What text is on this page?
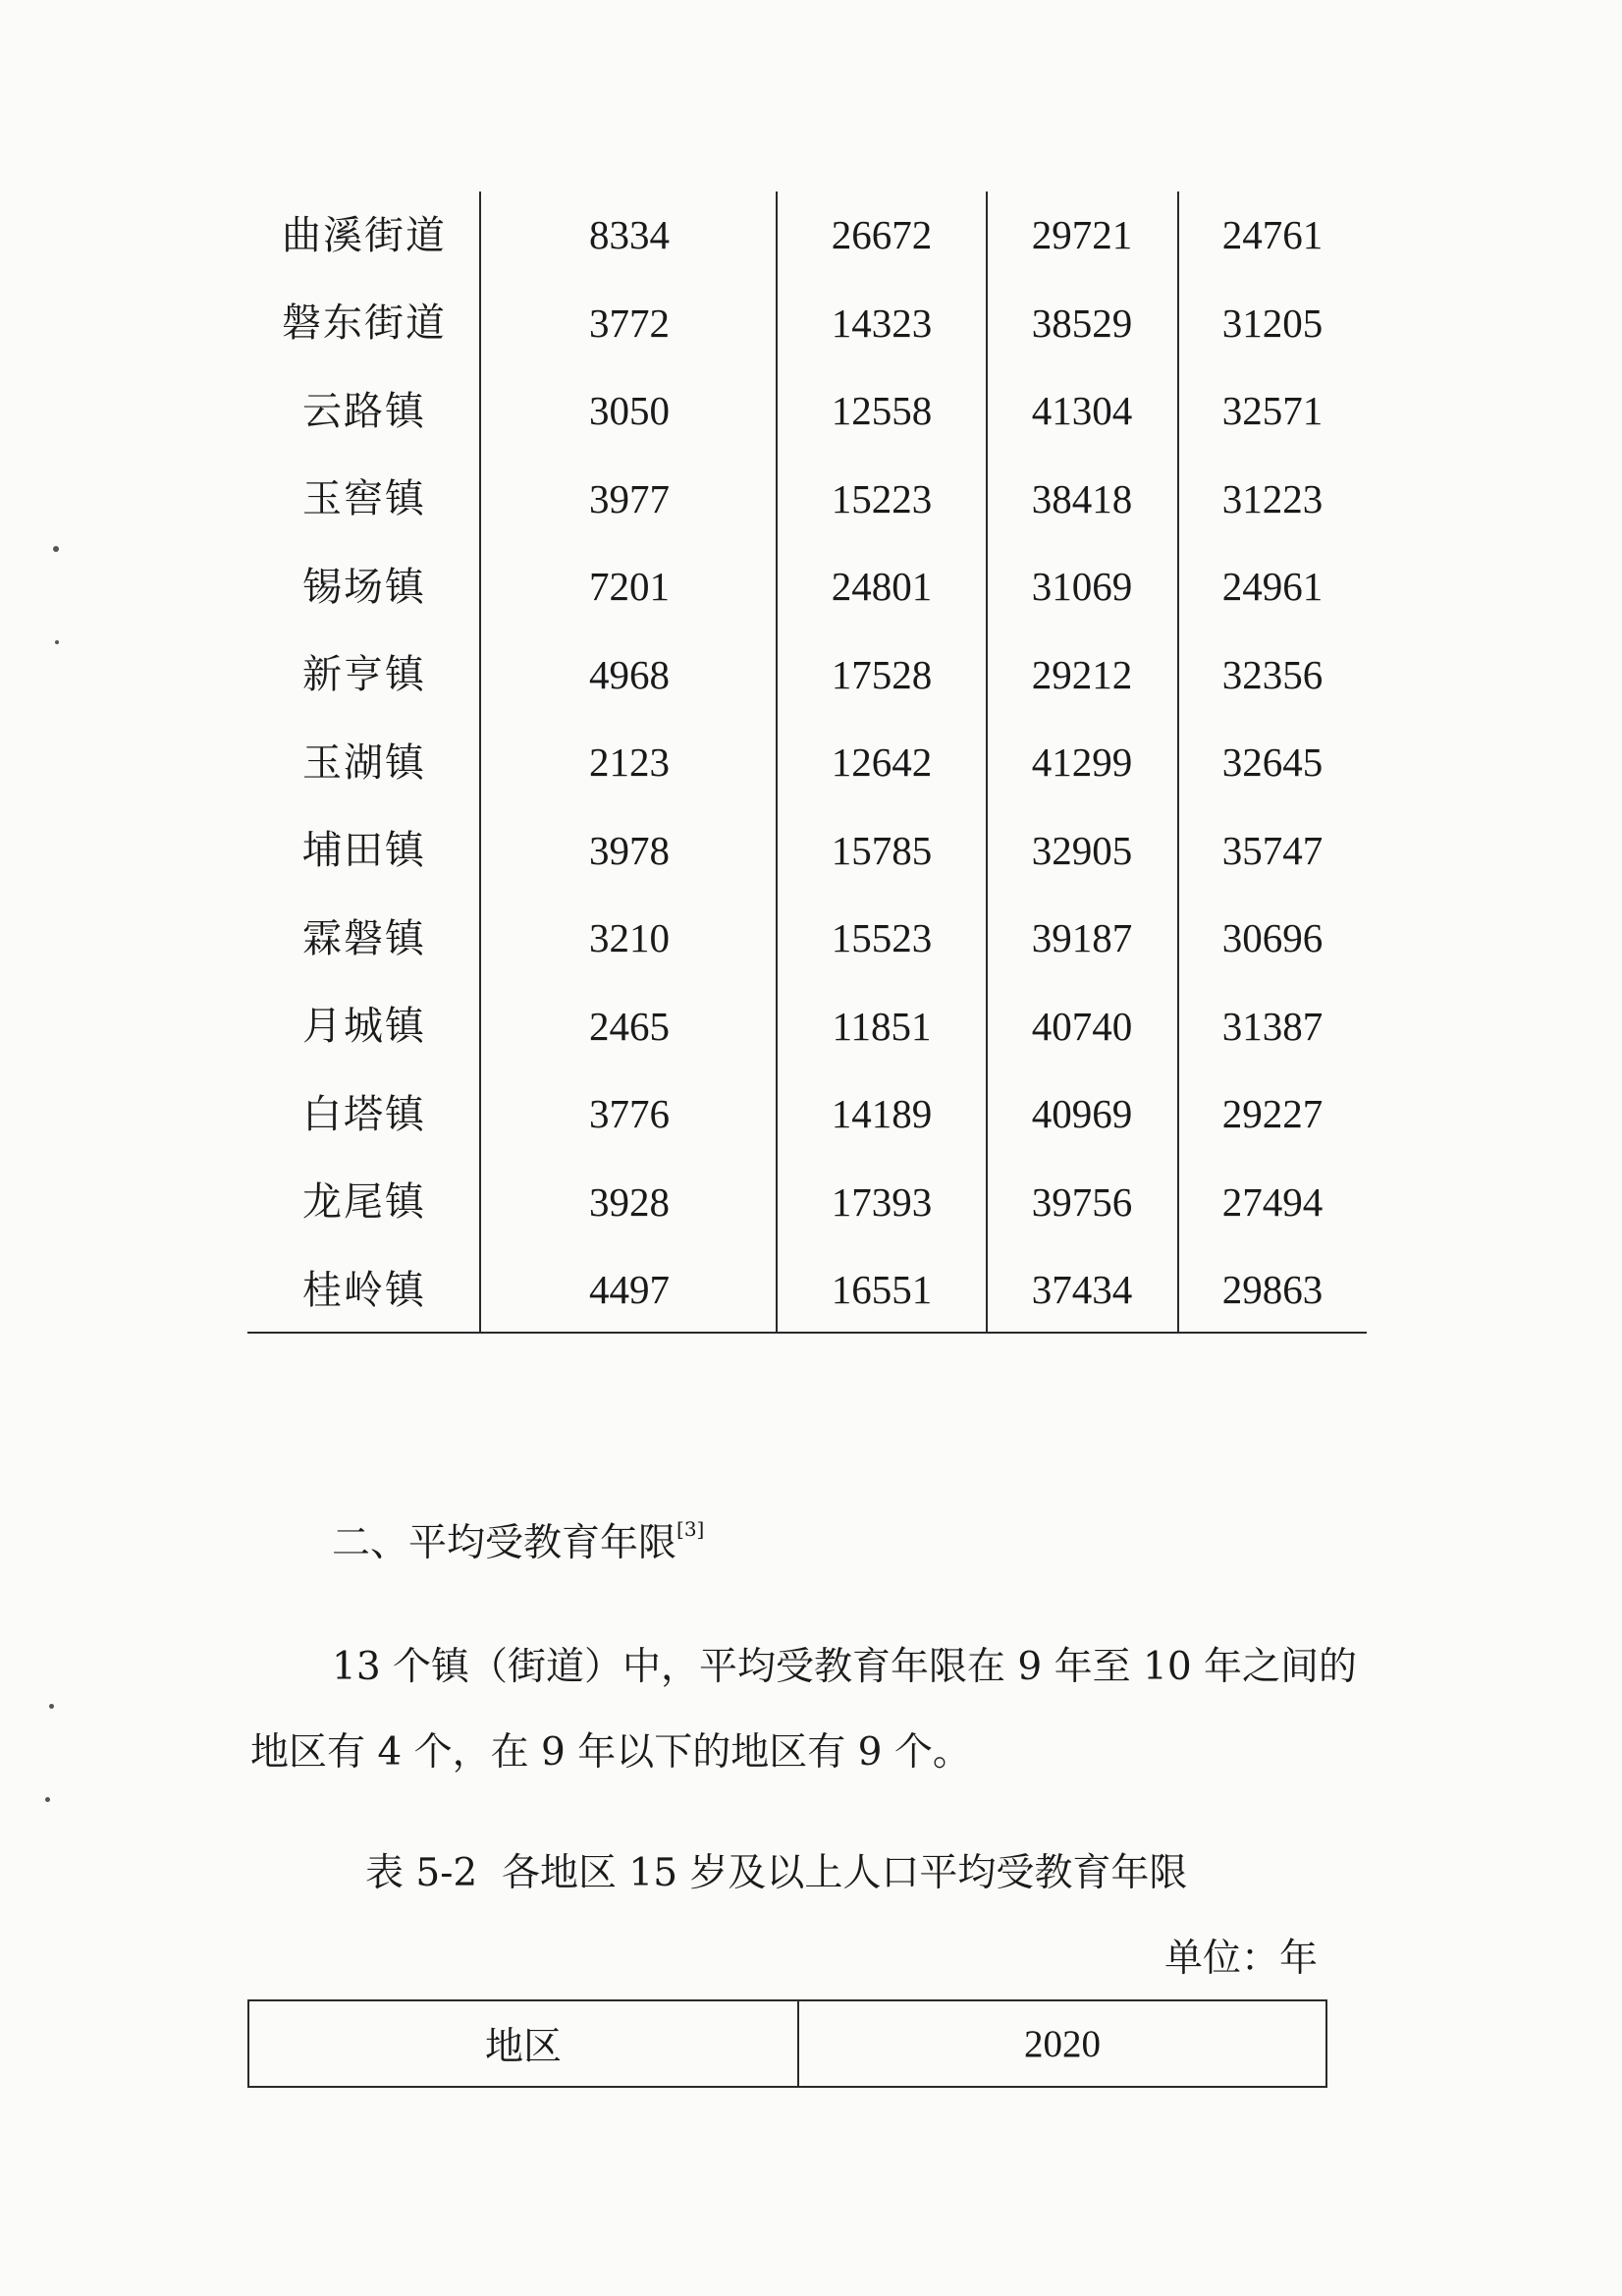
曲溪街道	8334	26672	29721	24761
磐东街道	3772	14323	38529	31205
云路镇	3050	12558	41304	32571
玉窖镇	3977	15223	38418	31223
锡场镇	7201	24801	31069	24961
新亨镇	4968	17528	29212	32356
玉湖镇	2123	12642	41299	32645
埔田镇	3978	15785	32905	35747
霖磐镇	3210	15523	39187	30696
月城镇	2465	11851	40740	31387
白塔镇	3776	14189	40969	29227
龙尾镇	3928	17393	39756	27494
桂岭镇	4497	16551	37434	29863
二、平均受教育年限[3]
13 个镇（街道）中，平均受教育年限在 9 年至 10 年之间的
地区有 4 个，在 9 年以下的地区有 9 个。
表 5-2  各地区 15 岁及以上人口平均受教育年限
单位：年
地区	2020
